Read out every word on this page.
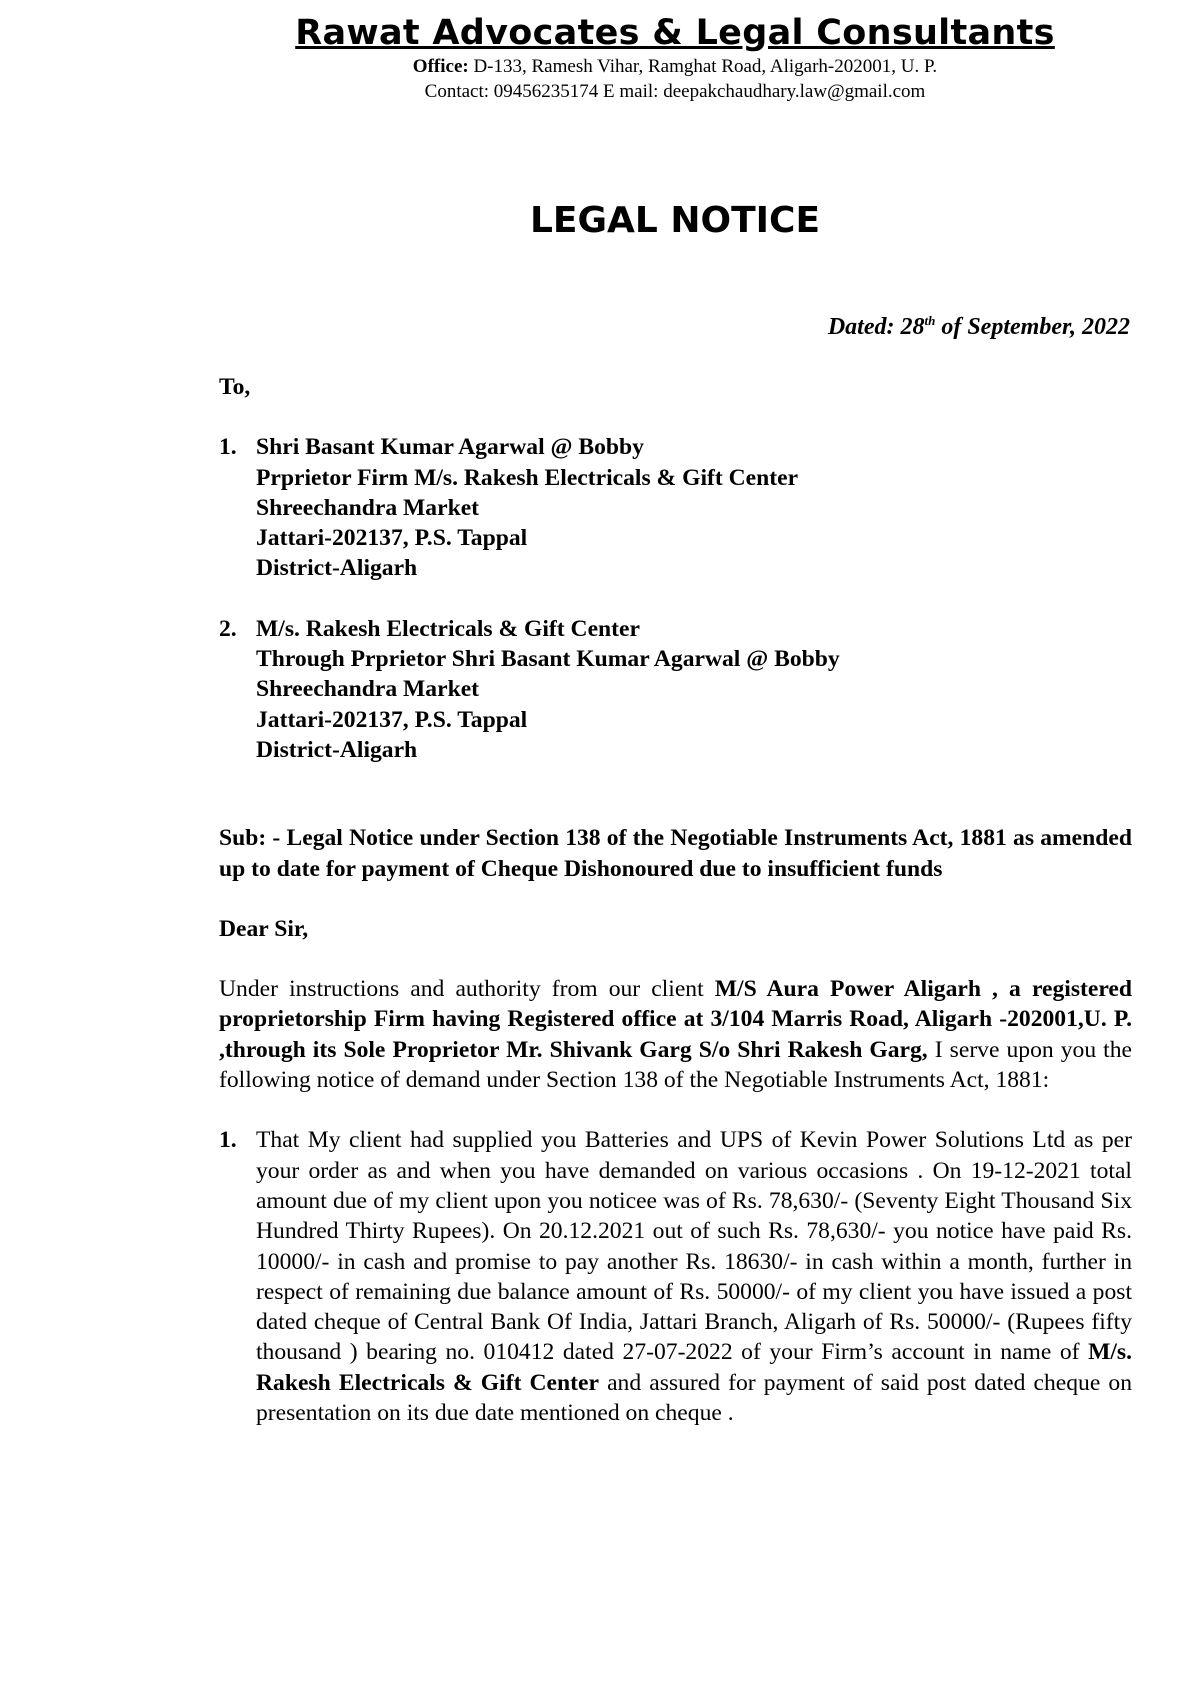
Rawat Advocates & Legal Consultants
Office: D-133, Ramesh Vihar, Ramghat Road, Aligarh-202001, U. P.
Contact: 09456235174 E mail: deepakchaudhary.law@gmail.com
LEGAL NOTICE
Dated: 28th of September, 2022
To,
1. Shri Basant Kumar Agarwal @ Bobby
Prprietor Firm M/s. Rakesh Electricals & Gift Center
Shreechandra Market
Jattari-202137, P.S. Tappal
District-Aligarh
2. M/s. Rakesh Electricals & Gift Center
Through Prprietor Shri Basant Kumar Agarwal @ Bobby
Shreechandra Market
Jattari-202137, P.S. Tappal
District-Aligarh
Sub: - Legal Notice under Section 138 of the Negotiable Instruments Act, 1881 as amended up to date for payment of Cheque Dishonoured due to insufficient funds
Dear Sir,

Under instructions and authority from our client M/S Aura Power Aligarh , a registered proprietorship Firm having Registered office at 3/104 Marris Road, Aligarh -202001,U. P. ,through its Sole Proprietor Mr. Shivank Garg S/o Shri Rakesh Garg, I serve upon you the following notice of demand under Section 138 of the Negotiable Instruments Act, 1881:

1. That My client had supplied you Batteries and UPS of Kevin Power Solutions Ltd as per your order as and when you have demanded on various occasions . On 19-12-2021 total amount due of my client upon you noticee was of Rs. 78,630/- (Seventy Eight Thousand Six Hundred Thirty Rupees). On 20.12.2021 out of such Rs. 78,630/- you notice have paid Rs. 10000/- in cash and promise to pay another Rs. 18630/- in cash within a month, further in respect of remaining due balance amount of Rs. 50000/- of my client you have issued a post dated cheque of Central Bank Of India, Jattari Branch, Aligarh of Rs. 50000/- (Rupees fifty thousand ) bearing no. 010412 dated 27-07-2022 of your Firm’s account in name of M/s. Rakesh Electricals & Gift Center and assured for payment of said post dated cheque on presentation on its due date mentioned on cheque .
